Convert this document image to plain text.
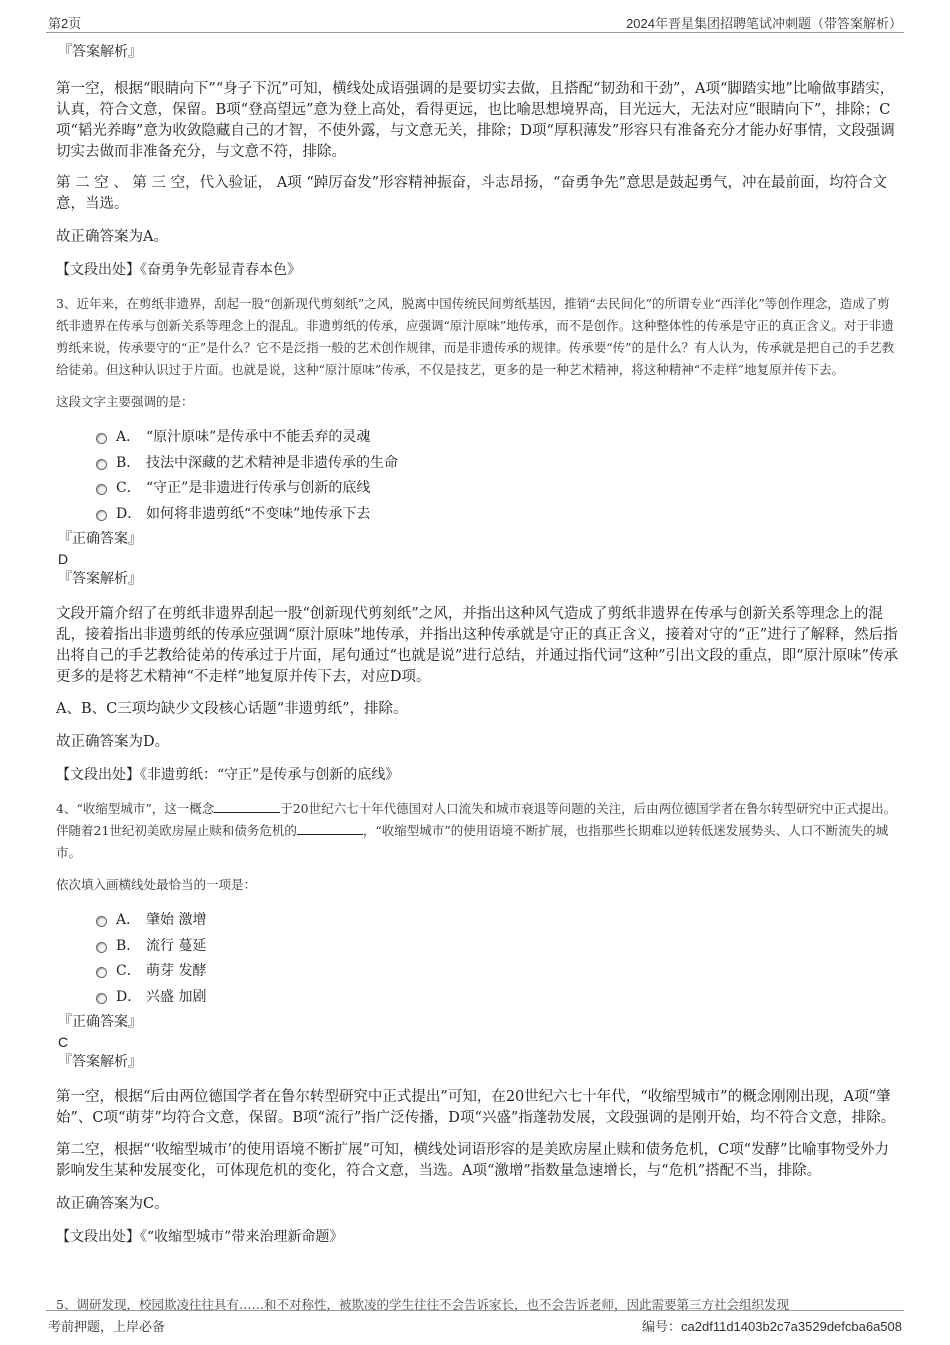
第2页	2024年晋星集团招聘笔试冲刺题（带答案解析）

『答案解析』

第一空，根据“眼睛向下”“身子下沉”可知，横线处成语强调的是要切实去做，且搭配“韧劲和干劲”，A项“脚踏实地”比喻做事踏实，认真，符合文意，保留。B项“登高望远”意为登上高处，看得更远，也比喻思想境界高，目光远大，无法对应“眼睛向下”，排除；C项“韬光养晦”意为收敛隐藏自己的才智，不使外露，与文意无关，排除；D项“厚积薄发”形容只有准备充分才能办好事情，文段强调切实去做而非准备充分，与文意不符，排除。

第 二 空 、 第 三 空，代入验证， A项 “踔厉奋发”形容精神振奋，斗志昂扬，“奋勇争先”意思是鼓起勇气，冲在最前面，均符合文意，当选。

故正确答案为A。

【文段出处】《奋勇争先彰显青春本色》

3、近年来，在剪纸非遗界，刮起一股“创新现代剪刻纸”之风，脱离中国传统民间剪纸基因，推销“去民间化”的所谓专业“西洋化”等创作理念，造成了剪纸非遗界在传承与创新关系等理念上的混乱。非遗剪纸的传承，应强调“原汁原味”地传承，而不是创作。这种整体性的传承是守正的真正含义。对于非遗剪纸来说，传承要守的“正”是什么？它不是泛指一般的艺术创作规律，而是非遗传承的规律。传承要“传”的是什么？有人认为，传承就是把自己的手艺教给徒弟。但这种认识过于片面。也就是说，这种“原汁原味”传承，不仅是技艺，更多的是一种艺术精神，将这种精神“不走样”地复原并传下去。

这段文字主要强调的是：

A． “原汁原味”是传承中不能丢弃的灵魂
B． 技法中深藏的艺术精神是非遗传承的生命
C． “守正”是非遗进行传承与创新的底线
D． 如何将非遗剪纸“不变味”地传承下去

『正确答案』

D

『答案解析』

文段开篇介绍了在剪纸非遗界刮起一股“创新现代剪刻纸”之风，并指出这种风气造成了剪纸非遗界在传承与创新关系等理念上的混乱，接着指出非遗剪纸的传承应强调“原汁原味”地传承，并指出这种传承就是守正的真正含义，接着对守的“正”进行了解释，然后指出将自己的手艺教给徒弟的传承过于片面，尾句通过“也就是说”进行总结，并通过指代词“这种”引出文段的重点，即“原汁原味”传承更多的是将艺术精神“不走样”地复原并传下去，对应D项。

A、B、C三项均缺少文段核心话题“非遗剪纸”，排除。

故正确答案为D。

【文段出处】《非遗剪纸：“守正”是传承与创新的底线》

4、“收缩型城市”，这一概念	于20世纪六七十年代德国对人口流失和城市衰退等问题的关注，后由两位德国学者在鲁尔转型研究中正式提出。伴随着21世纪初美欧房屋止赎和债务危机的	，“收缩型城市”的使用语境不断扩展，也指那些长期难以逆转低迷发展势头、人口不断流失的城市。

依次填入画横线处最恰当的一项是：

A． 肇始 激增
B． 流行 蔓延
C． 萌芽 发酵
D． 兴盛 加剧

『正确答案』

C

『答案解析』

第一空，根据“后由两位德国学者在鲁尔转型研究中正式提出”可知，在20世纪六七十年代，“收缩型城市”的概念刚刚出现，A项“肇始”、C项“萌芽”均符合文意，保留。B项“流行”指广泛传播，D项“兴盛”指蓬勃发展，文段强调的是刚开始，均不符合文意，排除。

第二空，根据“‘收缩型城市’的使用语境不断扩展”可知，横线处词语形容的是美欧房屋止赎和债务危机，C项“发酵”比喻事物受外力影响发生某种发展变化，可体现危机的变化，符合文意，当选。A项“激增”指数量急速增长，与“危机”搭配不当，排除。

故正确答案为C。

【文段出处】《“收缩型城市”带来治理新命题》

5、调研发现，校园欺凌往往具有……和不对称性，被欺凌的学生往往不会告诉家长，也不会告诉老师，因此需要第三方社会组织发现
考前押题，上岸必备	编号：ca2df11d1403b2c7a3529defcba6a508
